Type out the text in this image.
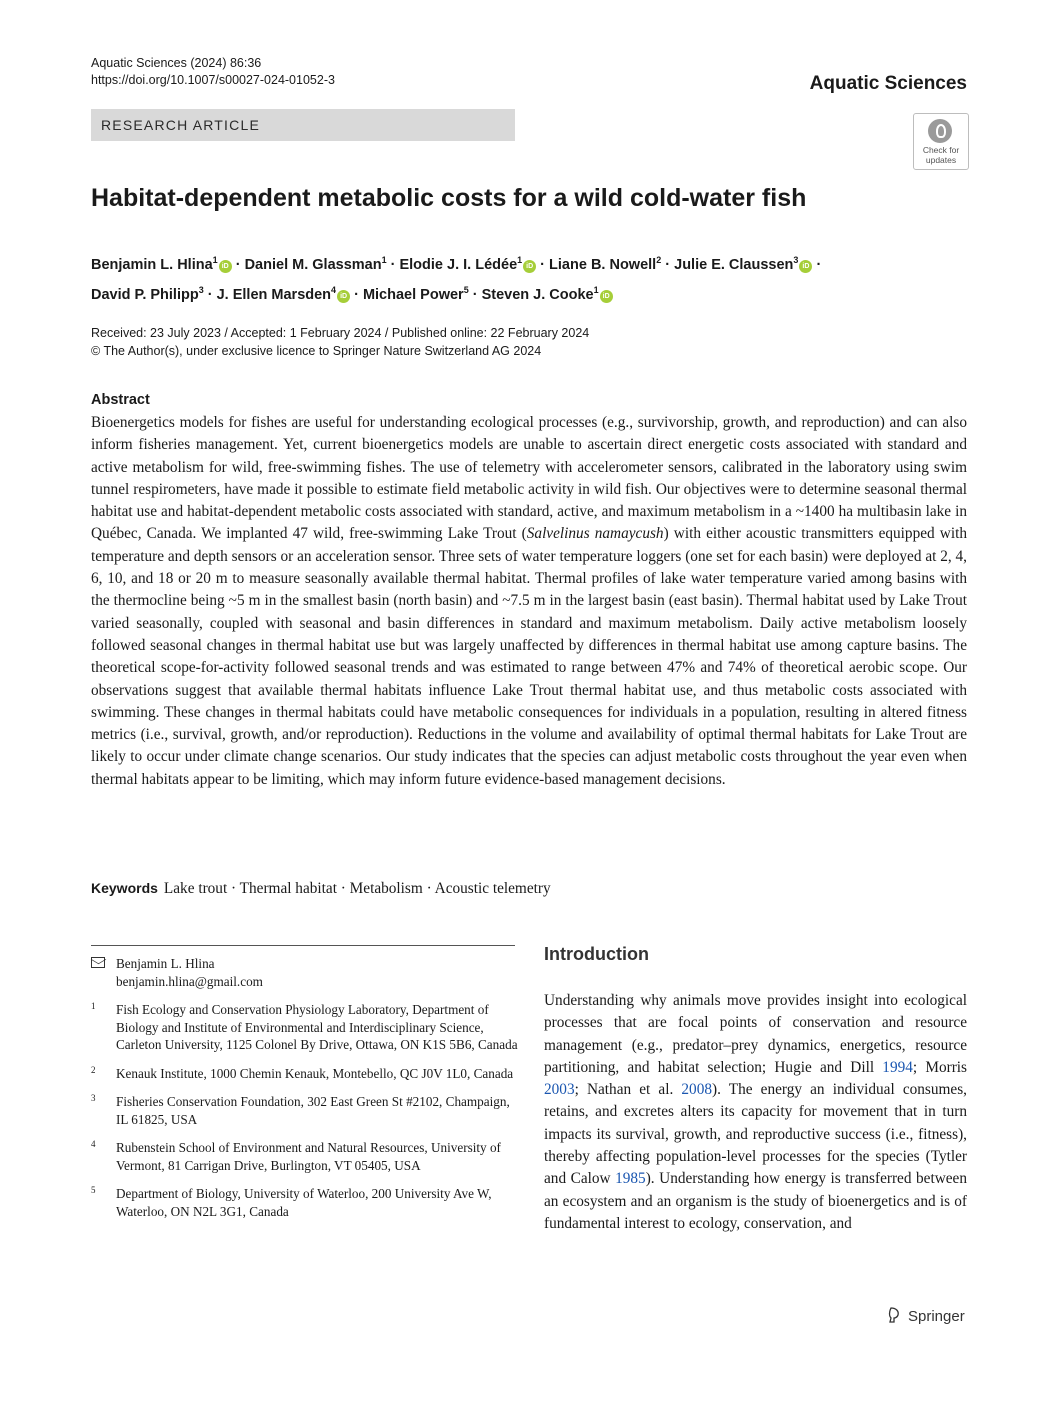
Aquatic Sciences (2024) 86:36
https://doi.org/10.1007/s00027-024-01052-3	Aquatic Sciences
RESEARCH ARTICLE
Check for updates
Habitat-dependent metabolic costs for a wild cold-water fish
Benjamin L. Hlina$^1$iD · Daniel M. Glassman$^1$ · Elodie J. I. Lédée$^1$iD · Liane B. Nowell$^2$ · Julie E. Claussen$^3$iD ·
David P. Philipp$^3$ · J. Ellen Marsden$^4$iD · Michael Power$^5$ · Steven J. Cooke$^1$iD
Received: 23 July 2023 / Accepted: 1 February 2024 / Published online: 22 February 2024
© The Author(s), under exclusive licence to Springer Nature Switzerland AG 2024
Abstract
Bioenergetics models for fishes are useful for understanding ecological processes (e.g., survivorship, growth, and reproduction) and can also inform fisheries management. Yet, current bioenergetics models are unable to ascertain direct energetic costs associated with standard and active metabolism for wild, free-swimming fishes. The use of telemetry with accelerometer sensors, calibrated in the laboratory using swim tunnel respirometers, have made it possible to estimate field metabolic activity in wild fish. Our objectives were to determine seasonal thermal habitat use and habitat-dependent metabolic costs associated with standard, active, and maximum metabolism in a ~1400 ha multibasin lake in Québec, Canada. We implanted 47 wild, free-swimming Lake Trout (Salvelinus namaycush) with either acoustic transmitters equipped with temperature and depth sensors or an acceleration sensor. Three sets of water temperature loggers (one set for each basin) were deployed at 2, 4, 6, 10, and 18 or 20 m to measure seasonally available thermal habitat. Thermal profiles of lake water temperature varied among basins with the thermocline being ~5 m in the smallest basin (north basin) and ~7.5 m in the largest basin (east basin). Thermal habitat used by Lake Trout varied seasonally, coupled with seasonal and basin differences in standard and maximum metabolism. Daily active metabolism loosely followed seasonal changes in thermal habitat use but was largely unaffected by differences in thermal habitat use among capture basins. The theoretical scope-for-activity followed seasonal trends and was estimated to range between 47% and 74% of theoretical aerobic scope. Our observations suggest that available thermal habitats influence Lake Trout thermal habitat use, and thus metabolic costs associated with swimming. These changes in thermal habitats could have metabolic consequences for individuals in a population, resulting in altered fitness metrics (i.e., survival, growth, and/or reproduction). Reductions in the volume and availability of optimal thermal habitats for Lake Trout are likely to occur under climate change scenarios. Our study indicates that the species can adjust metabolic costs throughout the year even when thermal habitats appear to be limiting, which may inform future evidence-based management decisions.
Keywords Lake trout · Thermal habitat · Metabolism · Acoustic telemetry
Benjamin L. Hlina
benjamin.hlina@gmail.com
1 Fish Ecology and Conservation Physiology Laboratory, Department of Biology and Institute of Environmental and Interdisciplinary Science, Carleton University, 1125 Colonel By Drive, Ottawa, ON K1S 5B6, Canada
2 Kenauk Institute, 1000 Chemin Kenauk, Montebello, QC J0V 1L0, Canada
3 Fisheries Conservation Foundation, 302 East Green St #2102, Champaign, IL 61825, USA
4 Rubenstein School of Environment and Natural Resources, University of Vermont, 81 Carrigan Drive, Burlington, VT 05405, USA
5 Department of Biology, University of Waterloo, 200 University Ave W, Waterloo, ON N2L 3G1, Canada
Introduction
Understanding why animals move provides insight into ecological processes that are focal points of conservation and resource management (e.g., predator–prey dynamics, energetics, resource partitioning, and habitat selection; Hugie and Dill 1994; Morris 2003; Nathan et al. 2008). The energy an individual consumes, retains, and excretes alters its capacity for movement that in turn impacts its survival, growth, and reproductive success (i.e., fitness), thereby affecting population-level processes for the species (Tytler and Calow 1985). Understanding how energy is transferred between an ecosystem and an organism is the study of bioenergetics and is of fundamental interest to ecology, conservation, and
Springer
